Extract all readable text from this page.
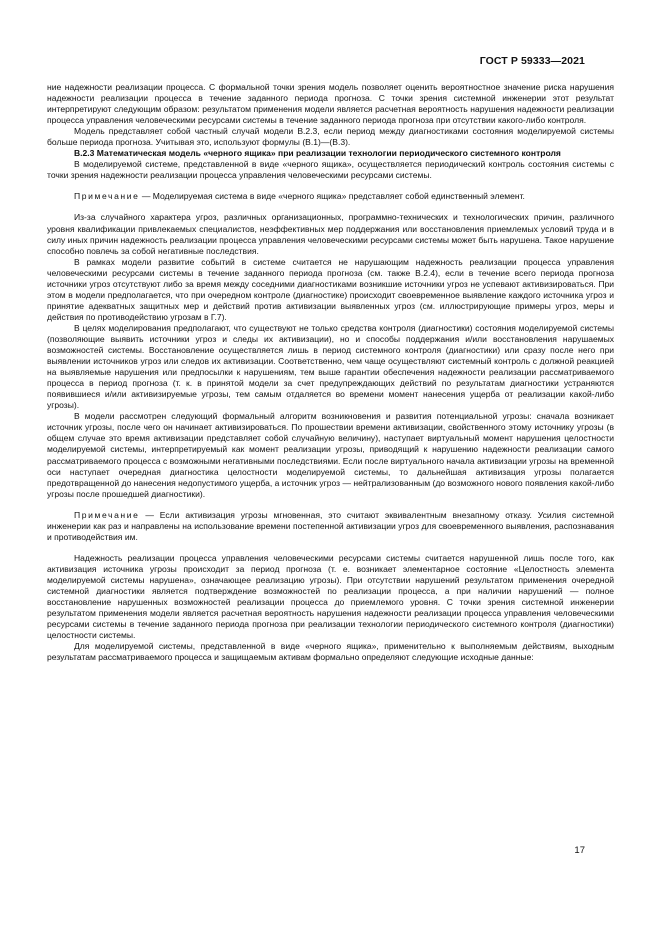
ГОСТ Р 59333—2021

ние надежности реализации процесса. С формальной точки зрения модель позволяет оценить вероятностное значение риска нарушения надежности реализации процесса в течение заданного периода прогноза. С точки зрения системной инженерии этот результат интерпретируют следующим образом: результатом применения модели является расчетная вероятность нарушения надежности реализации процесса управления человеческими ресурсами системы в течение заданного периода прогноза при отсутствии какого-либо контроля.

Модель представляет собой частный случай модели В.2.3, если период между диагностиками состояния моделируемой системы больше периода прогноза. Учитывая это, используют формулы (В.1)—(В.3).

В.2.3 Математическая модель «черного ящика» при реализации технологии периодического системного контроля

В моделируемой системе, представленной в виде «черного ящика», осуществляется периодический контроль состояния системы с точки зрения надежности реализации процесса управления человеческими ресурсами системы.

Примечание — Моделируемая система в виде «черного ящика» представляет собой единственный элемент.

Из-за случайного характера угроз, различных организационных, программно-технических и технологических причин, различного уровня квалификации привлекаемых специалистов, неэффективных мер поддержания или восстановления приемлемых условий труда и в силу иных причин надежность реализации процесса управления человеческими ресурсами системы может быть нарушена. Такое нарушение способно повлечь за собой негативные последствия.

В рамках модели развитие событий в системе считается не нарушающим надежность реализации процесса управления человеческими ресурсами системы в течение заданного периода прогноза (см. также В.2.4), если в течение всего периода прогноза источники угроз отсутствуют либо за время между соседними диагностиками возникшие источники угроз не успевают активизироваться. При этом в модели предполагается, что при очередном контроле (диагностике) происходит своевременное выявление каждого источника угроз и принятие адекватных защитных мер и действий против активизации выявленных угроз (см. иллюстрирующие примеры угроз, меры и действия по противодействию угрозам в Г.7).

В целях моделирования предполагают, что существуют не только средства контроля (диагностики) состояния моделируемой системы (позволяющие выявить источники угроз и следы их активизации), но и способы поддержания и/или восстановления нарушаемых возможностей системы. Восстановление осуществляется лишь в период системного контроля (диагностики) или сразу после него при выявлении источников угроз или следов их активизации. Соответственно, чем чаще осуществляют системный контроль с должной реакцией на выявляемые нарушения или предпосылки к нарушениям, тем выше гарантии обеспечения надежности реализации рассматриваемого процесса в период прогноза (т. к. в принятой модели за счет предупреждающих действий по результатам диагностики устраняются появившиеся и/или активизируемые угрозы, тем самым отдаляется во времени момент нанесения ущерба от реализации какой-либо угрозы).

В модели рассмотрен следующий формальный алгоритм возникновения и развития потенциальной угрозы: сначала возникает источник угрозы, после чего он начинает активизироваться. По прошествии времени активизации, свойственного этому источнику угрозы (в общем случае это время активизации представляет собой случайную величину), наступает виртуальный момент нарушения целостности моделируемой системы, интерпретируемый как момент реализации угрозы, приводящий к нарушению надежности реализации самого рассматриваемого процесса с возможными негативными последствиями. Если после виртуального начала активизации угрозы на временной оси наступает очередная диагностика целостности моделируемой системы, то дальнейшая активизация угрозы полагается предотвращенной до нанесения недопустимого ущерба, а источник угроз — нейтрализованным (до возможного нового появления какой-либо угрозы после прошедшей диагностики).

Примечание — Если активизация угрозы мгновенная, это считают эквивалентным внезапному отказу. Усилия системной инженерии как раз и направлены на использование времени постепенной активизации угроз для своевременного выявления, распознавания и противодействия им.

Надежность реализации процесса управления человеческими ресурсами системы считается нарушенной лишь после того, как активизация источника угрозы происходит за период прогноза (т. е. возникает элементарное состояние «Целостность элемента моделируемой системы нарушена», означающее реализацию угрозы). При отсутствии нарушений результатом применения очередной системной диагностики является подтверждение возможностей по реализации процесса, а при наличии нарушений — полное восстановление нарушенных возможностей реализации процесса до приемлемого уровня. С точки зрения системной инженерии результатом применения модели является расчетная вероятность нарушения надежности реализации процесса управления человеческими ресурсами системы в течение заданного периода прогноза при реализации технологии периодического системного контроля (диагностики) целостности системы.

Для моделируемой системы, представленной в виде «черного ящика», применительно к выполняемым действиям, выходным результатам рассматриваемого процесса и защищаемым активам формально определяют следующие исходные данные:

17
